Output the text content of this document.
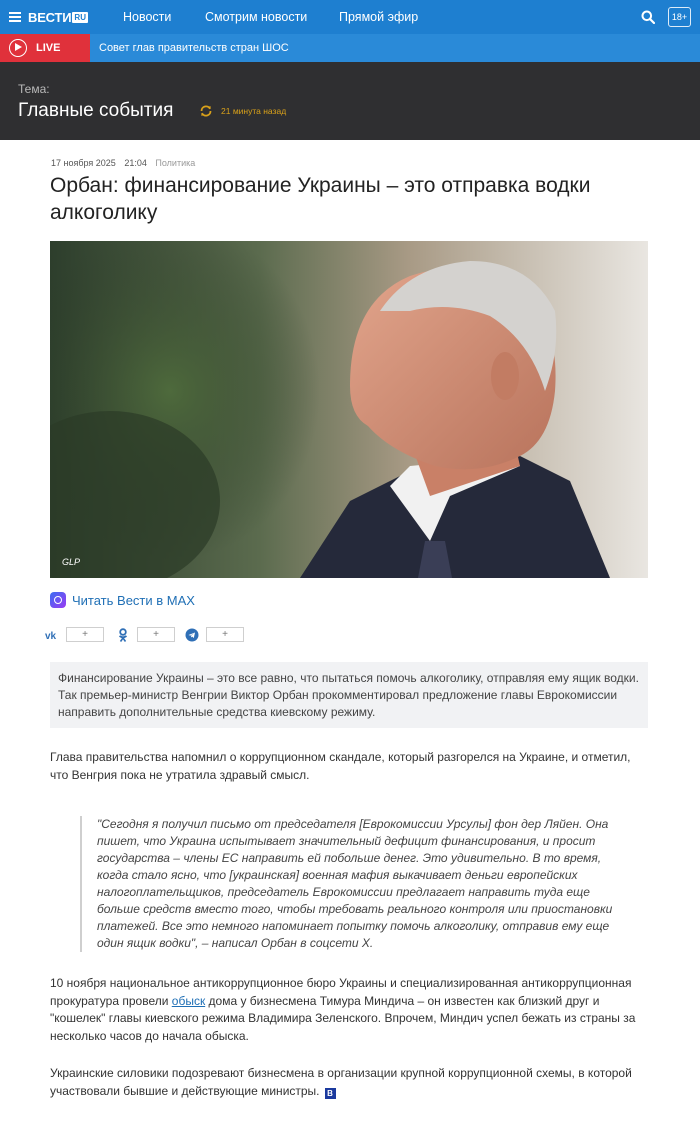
ВЕСТИ RU	Новости	Смотрим новости	Прямой эфир	18+
LIVE	Совет глав правительств стран ШОС
Тема:
Главные события	21 минута назад
17 ноября 2025 21:04 Политика
Орбан: финансирование Украины – это отправка водки алкоголику
GLP
Читать Вести в MAX
vk	+	+	+
Финансирование Украины – это все равно, что пытаться помочь алкоголику, отправляя ему ящик водки. Так премьер-министр Венгрии Виктор Орбан прокомментировал предложение главы Еврокомиссии направить дополнительные средства киевскому режиму.

Глава правительства напомнил о коррупционном скандале, который разгорелся на Украине, и отметил, что Венгрия пока не утратила здравый смысл.

"Сегодня я получил письмо от председателя [Еврокомиссии Урсулы] фон дер Ляйен. Она пишет, что Украина испытывает значительный дефицит финансирования, и просит государства – члены ЕС направить ей побольше денег. Это удивительно. В то время, когда стало ясно, что [украинская] военная мафия выкачивает деньги европейских налогоплательщиков, председатель Еврокомиссии предлагает направить туда еще больше средств вместо того, чтобы требовать реального контроля или приостановки платежей. Все это немного напоминает попытку помочь алкоголику, отправив ему еще один ящик водки", – написал Орбан в соцсети X.

10 ноября национальное антикоррупционное бюро Украины и специализированная антикоррупционная прокуратура провели обыск дома у бизнесмена Тимура Миндича – он известен как близкий друг и "кошелек" главы киевского режима Владимира Зеленского. Впрочем, Миндич успел бежать из страны за несколько часов до начала обыска.

Украинские силовики подозревают бизнесмена в организации крупной коррупционной схемы, в которой участвовали бывшие и действующие министры. В
